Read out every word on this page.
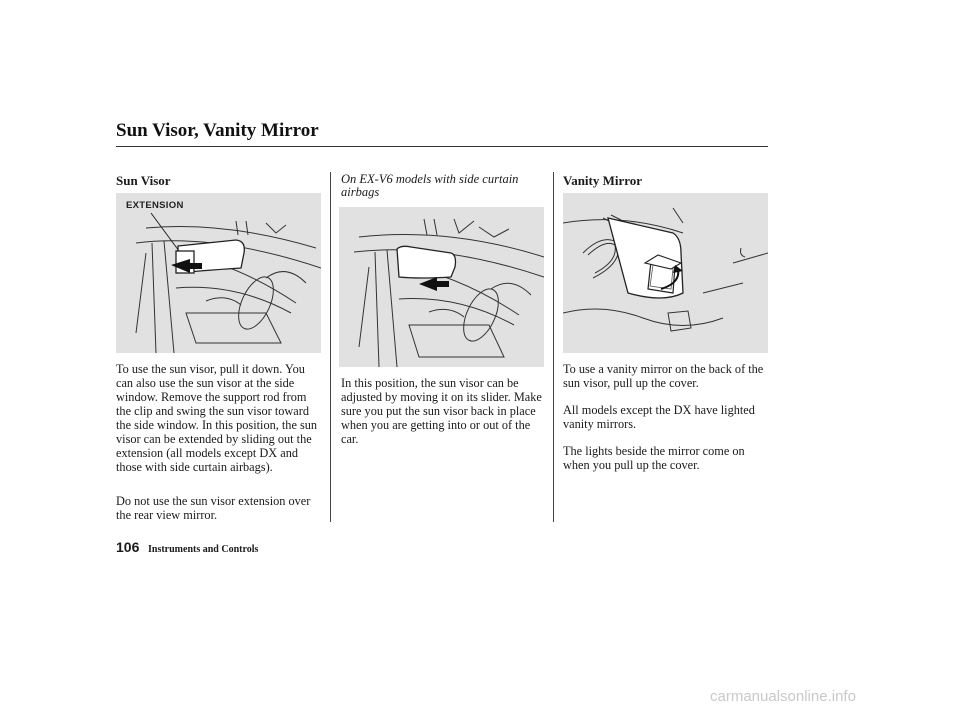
Sun Visor, Vanity Mirror
Sun Visor
EXTENSION
To use the sun visor, pull it down. You can also use the sun visor at the side window. Remove the support rod from the clip and swing the sun visor toward the side window. In this position, the sun visor can be extended by sliding out the extension (all models except DX and those with side curtain airbags).
Do not use the sun visor extension over the rear view mirror.
On EX-V6 models with side curtain airbags
In this position, the sun visor can be adjusted by moving it on its slider. Make sure you put the sun visor back in place when you are getting into or out of the car.
Vanity Mirror
To use a vanity mirror on the back of the sun visor, pull up the cover.
All models except the DX have lighted vanity mirrors.
The lights beside the mirror come on when you pull up the cover.
106 Instruments and Controls
carmanualsonline.info
